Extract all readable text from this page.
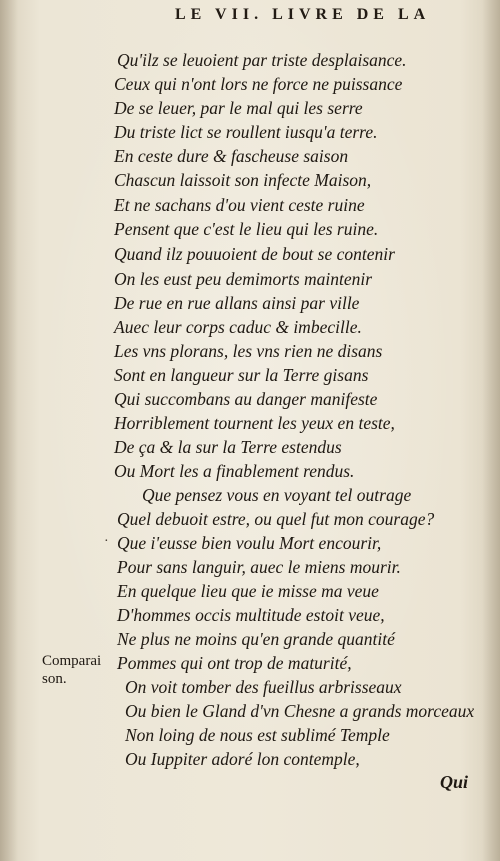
LE VII. LIVRE DE LA
Qu'ilz se leuoient par triste desplaisance.
Ceux qui n'ont lors ne force ne puissance
De se leuer, par le mal qui les serre
Du triste lict se roullent iusqu'a terre.
En ceste dure & fascheuse saison
Chascun laissoit son infecte Maison,
Et ne sachans d'ou vient ceste ruine
Pensent que c'est le lieu qui les ruine.
Quand ilz pouuoient de bout se contenir
On les eust peu demimorts maintenir
De rue en rue allans ainsi par ville
Auec leur corps caduc & imbecille.
Les vns plorans, les vns rien ne disans
Sont en langueur sur la Terre gisans
Qui succombans au danger manifeste
Horriblement tournent les yeux en teste,
De ça & la sur la Terre estendus
Ou Mort les a finablement rendus.
Que pensez vous en voyant tel outrage
Quel debuoit estre, ou quel fut mon courage?
· Que i'eusse bien voulu Mort encourir,
Pour sans languir, auec le miens mourir.
En quelque lieu que ie misse ma veue
D'hommes occis multitude estoit veue,
Ne plus ne moins qu'en grande quantité
Pommes qui ont trop de maturité,
On voit tomber des fueillus arbrisseaux
Ou bien le Gland d'vn Chesne a grands morceaux
Non loing de nous est sublimé Temple
Ou Iuppiter adoré lon contemple,
Comparai
son.
Qui
